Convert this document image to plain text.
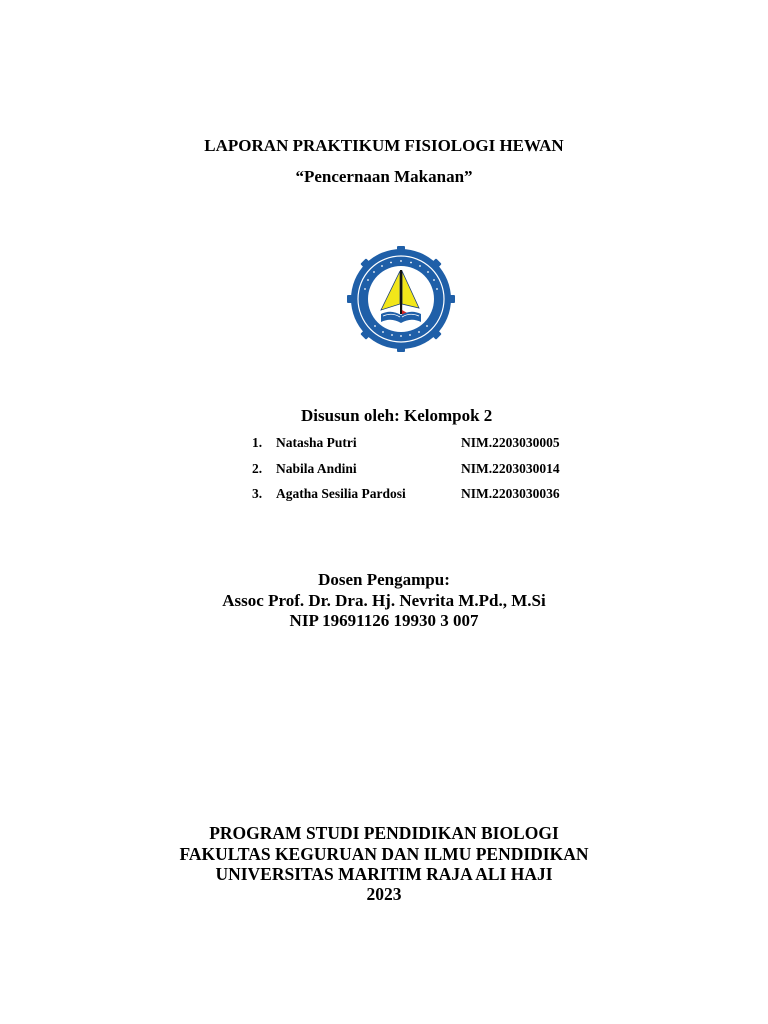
LAPORAN PRAKTIKUM FISIOLOGI HEWAN
“Pencernaan Makanan”
Disusun oleh: Kelompok 2
1. Natasha Putri	NIM.2203030005
2. Nabila Andini	NIM.2203030014
3. Agatha Sesilia Pardosi	NIM.2203030036
Dosen Pengampu:
Assoc Prof. Dr. Dra. Hj. Nevrita M.Pd., M.Si
NIP 19691126 19930 3 007
PROGRAM STUDI PENDIDIKAN BIOLOGI
FAKULTAS KEGURUAN DAN ILMU PENDIDIKAN
UNIVERSITAS MARITIM RAJA ALI HAJI
2023
